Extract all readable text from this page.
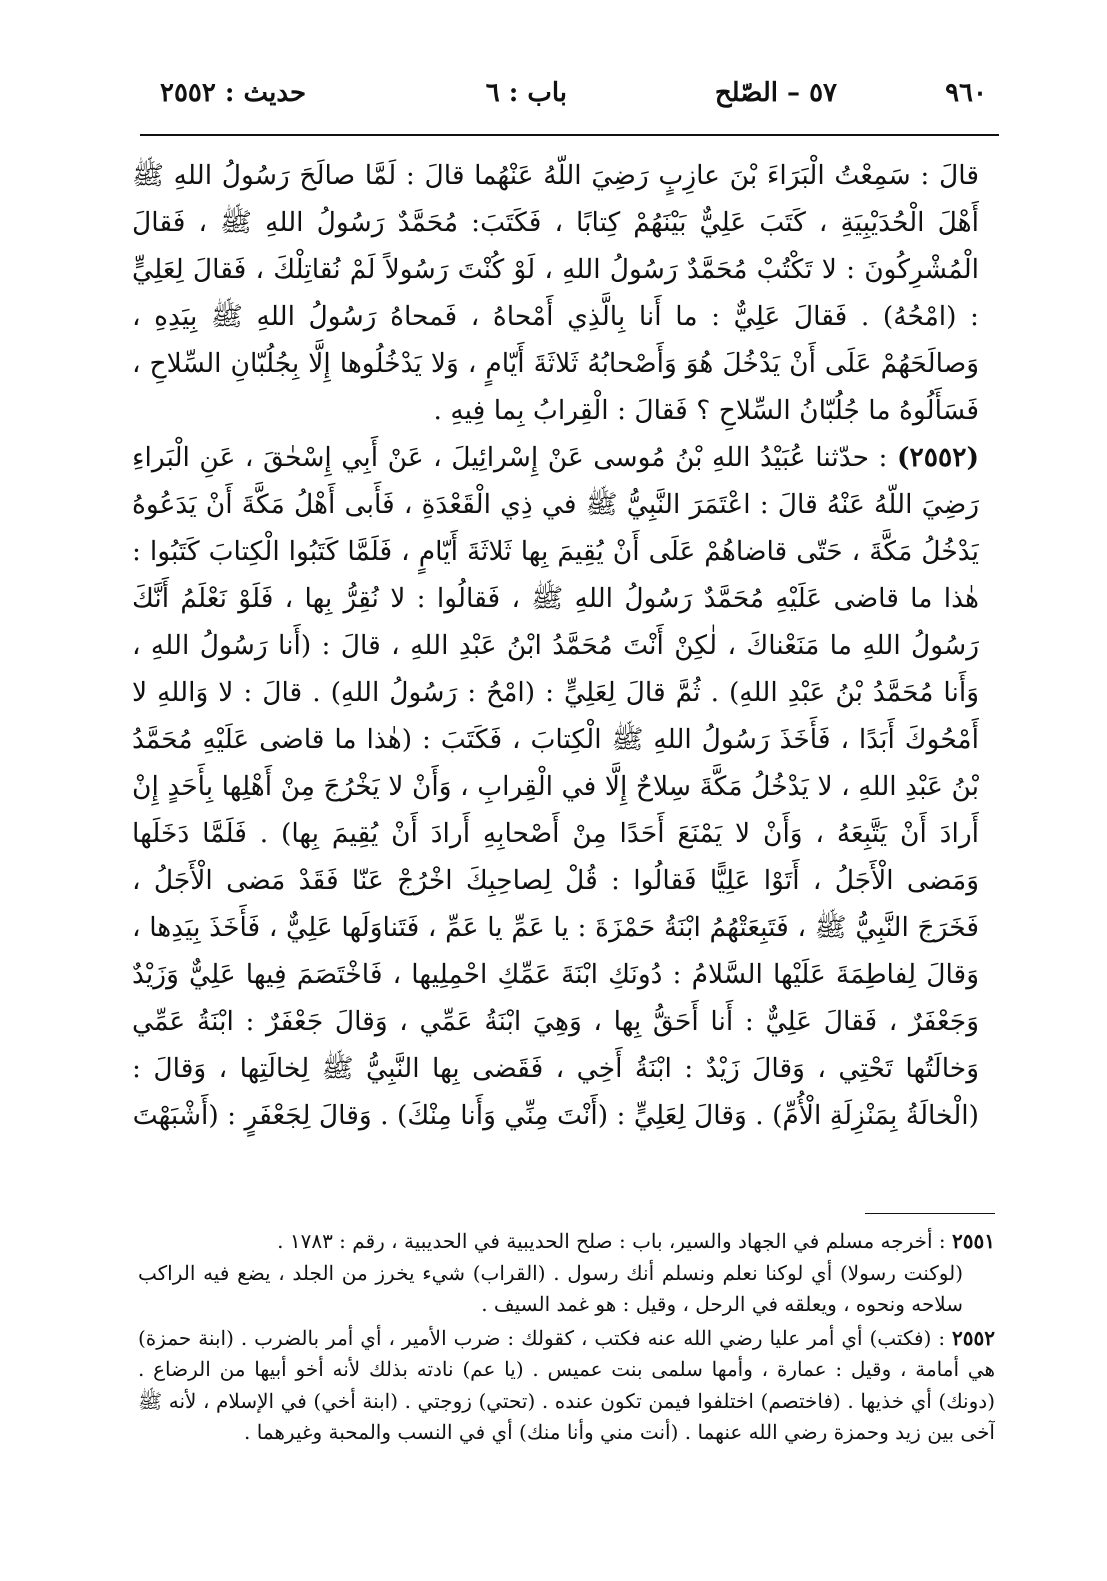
٩٦٠
٥٧ – الصّلح
باب : ٦
حديث : ٢٥٥٢

قالَ : سَمِعْتُ الْبَرَاءَ بْنَ عازِبٍ رَضِيَ اللّهُ عَنْهُما قالَ : لَمَّا صالَحَ رَسُولُ اللهِ ﷺ أَهْلَ الْحُدَيْبِيَةِ ، كَتَبَ عَلِيٌّ بَيْنَهُمْ كِتابًا ، فَكَتَبَ: مُحَمَّدٌ رَسُولُ اللهِ ﷺ ، فَقالَ الْمُشْرِكُونَ : لا تَكْتُبْ مُحَمَّدٌ رَسُولُ اللهِ ، لَوْ كُنْتَ رَسُولاً لَمْ نُقاتِلْكَ ، فَقالَ لِعَلِيٍّ : (امْحُهُ) . فَقالَ عَلِيٌّ : ما أَنا بِالَّذِي أَمْحاهُ ، فَمحاهُ رَسُولُ اللهِ ﷺ بِيَدِهِ ، وَصالَحَهُمْ عَلَى أَنْ يَدْخُلَ هُوَ وَأَصْحابُهُ ثَلاثَةَ أَيّامٍ ، وَلا يَدْخُلُوها إِلَّا بِجُلُبّانِ السِّلاحِ ، فَسَأَلُوهُ ما جُلُبّانُ السِّلاحِ ؟ فَقالَ : الْقِرابُ بِما فِيهِ .

(٢٥٥٢) : حدّثنا عُبَيْدُ اللهِ بْنُ مُوسى عَنْ إِسْرائِيلَ ، عَنْ أَبِي إِسْحٰقَ ، عَنِ الْبَراءِ رَضِيَ اللّهُ عَنْهُ قالَ : اعْتَمَرَ النَّبِيُّ ﷺ في ذِي الْقَعْدَةِ ، فَأَبى أَهْلُ مَكَّةَ أَنْ يَدَعُوهُ يَدْخُلُ مَكَّةَ ، حَتّى قاضاهُمْ عَلَى أَنْ يُقِيمَ بِها ثَلاثَةَ أَيّامٍ ، فَلَمَّا كَتَبُوا الْكِتابَ كَتَبُوا : هٰذا ما قاضى عَلَيْهِ مُحَمَّدٌ رَسُولُ اللهِ ﷺ ، فَقالُوا : لا نُقِرُّ بِها ، فَلَوْ نَعْلَمُ أَنَّكَ رَسُولُ اللهِ ما مَنَعْناكَ ، لٰكِنْ أَنْتَ مُحَمَّدُ ابْنُ عَبْدِ اللهِ ، قالَ : (أَنا رَسُولُ اللهِ ، وَأَنا مُحَمَّدُ بْنُ عَبْدِ اللهِ) . ثُمَّ قالَ لِعَلِيٍّ : (امْحُ : رَسُولُ اللهِ) . قالَ : لا وَاللهِ لا أَمْحُوكَ أَبَدًا ، فَأَخَذَ رَسُولُ اللهِ ﷺ الْكِتابَ ، فَكَتَبَ : (هٰذا ما قاضى عَلَيْهِ مُحَمَّدُ بْنُ عَبْدِ اللهِ ، لا يَدْخُلُ مَكَّةَ سِلاحٌ إِلَّا في الْقِرابِ ، وَأَنْ لا يَخْرُجَ مِنْ أَهْلِها بِأَحَدٍ إِنْ أَرادَ أَنْ يَتَّبِعَهُ ، وَأَنْ لا يَمْنَعَ أَحَدًا مِنْ أَصْحابِهِ أَرادَ أَنْ يُقِيمَ بِها) . فَلَمَّا دَخَلَها وَمَضى الْأَجَلُ ، أَتَوْا عَلِيًّا فَقالُوا : قُلْ لِصاحِبِكَ اخْرُجْ عَنّا فَقَدْ مَضى الْأَجَلُ ، فَخَرَجَ النَّبِيُّ ﷺ ، فَتَبِعَتْهُمُ ابْنَةُ حَمْزَةَ : يا عَمِّ يا عَمِّ ، فَتَناوَلَها عَلِيٌّ ، فَأَخَذَ بِيَدِها ، وَقالَ لِفاطِمَةَ عَلَيْها السَّلامُ : دُونَكِ ابْنَةَ عَمِّكِ احْمِلِيها ، فَاخْتَصَمَ فِيها عَلِيٌّ وَزَيْدٌ وَجَعْفَرٌ ، فَقالَ عَلِيٌّ : أَنا أَحَقُّ بِها ، وَهِيَ ابْنَةُ عَمِّي ، وَقالَ جَعْفَرٌ : ابْنَةُ عَمِّي وَخالَتُها تَحْتِي ، وَقالَ زَيْدٌ : ابْنَةُ أَخِي ، فَقَضى بِها النَّبِيُّ ﷺ لِخالَتِها ، وَقالَ : (الْخالَةُ بِمَنْزِلَةِ الْأُمِّ) . وَقالَ لِعَلِيٍّ : (أَنْتَ مِنِّي وَأَنا مِنْكَ) . وَقالَ لِجَعْفَرٍ : (أَشْبَهْتَ

٢٥٥١ : أخرجه مسلم في الجهاد والسير، باب : صلح الحديبية في الحديبية ، رقم : ١٧٨٣ .
(لوكنت رسولا) أي لوكنا نعلم ونسلم أنك رسول . (القراب) شيء يخرز من الجلد ، يضع فيه الراكب سلاحه ونحوه ، ويعلقه في الرحل ، وقيل : هو غمد السيف .
٢٥٥٢ : (فكتب) أي أمر عليا رضي الله عنه فكتب ، كقولك : ضرب الأمير ، أي أمر بالضرب . (ابنة حمزة) هي أمامة ، وقيل : عمارة ، وأمها سلمى بنت عميس . (يا عم) نادته بذلك لأنه أخو أبيها من الرضاع . (دونك) أي خذيها . (فاختصم) اختلفوا فيمن تكون عنده . (تحتي) زوجتي . (ابنة أخي) في الإسلام ، لأنه ﷺ آخى بين زيد وحمزة رضي الله عنهما . (أنت مني وأنا منك) أي في النسب والمحبة وغيرهما .
